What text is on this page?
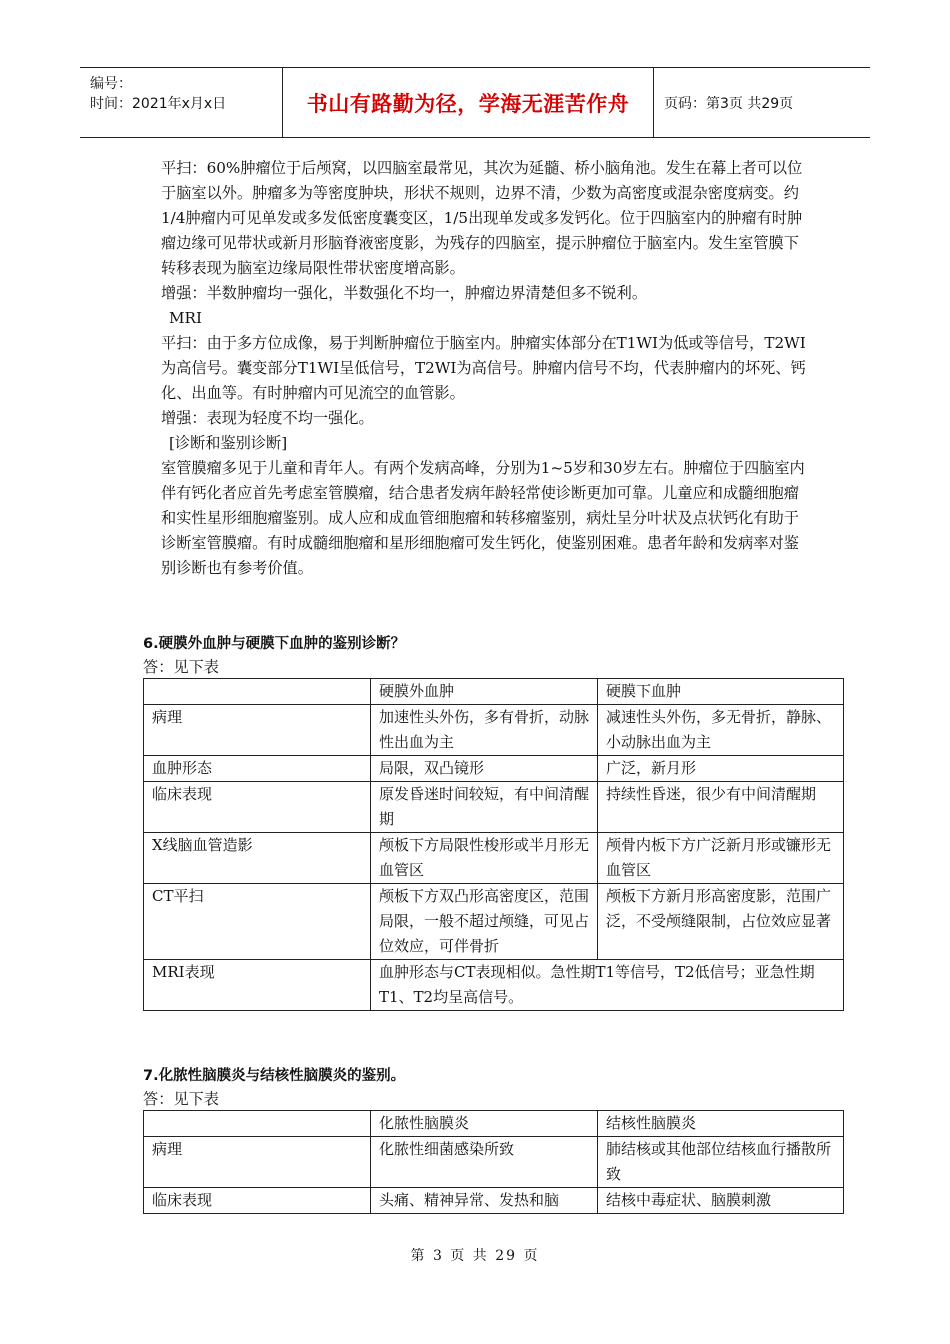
编号：
时间：2021年x月x日	书山有路勤为径，学海无涯苦作舟	页码：第3页 共29页

平扫：60%肿瘤位于后颅窝，以四脑室最常见，其次为延髓、桥小脑角池。发生在幕上者可以位于脑室以外。肿瘤多为等密度肿块，形状不规则，边界不清，少数为高密度或混杂密度病变。约1/4肿瘤内可见单发或多发低密度囊变区，1/5出现单发或多发钙化。位于四脑室内的肿瘤有时肿瘤边缘可见带状或新月形脑脊液密度影，为残存的四脑室，提示肿瘤位于脑室内。发生室管膜下转移表现为脑室边缘局限性带状密度增高影。

增强：半数肿瘤均一强化，半数强化不均一，肿瘤边界清楚但多不锐利。

MRI

平扫：由于多方位成像，易于判断肿瘤位于脑室内。肿瘤实体部分在T1WI为低或等信号，T2WI为高信号。囊变部分T1WI呈低信号，T2WI为高信号。肿瘤内信号不均，代表肿瘤内的坏死、钙化、出血等。有时肿瘤内可见流空的血管影。

增强：表现为轻度不均一强化。

[诊断和鉴别诊断]

室管膜瘤多见于儿童和青年人。有两个发病高峰，分别为1~5岁和30岁左右。肿瘤位于四脑室内伴有钙化者应首先考虑室管膜瘤，结合患者发病年龄轻常使诊断更加可靠。儿童应和成髓细胞瘤和实性星形细胞瘤鉴别。成人应和成血管细胞瘤和转移瘤鉴别，病灶呈分叶状及点状钙化有助于诊断室管膜瘤。有时成髓细胞瘤和星形细胞瘤可发生钙化，使鉴别困难。患者年龄和发病率对鉴别诊断也有参考价值。

6.硬膜外血肿与硬膜下血肿的鉴别诊断？
答：见下表
	硬膜外血肿	硬膜下血肿
病理	加速性头外伤，多有骨折，动脉性出血为主	减速性头外伤，多无骨折，静脉、小动脉出血为主
血肿形态	局限，双凸镜形	广泛，新月形
临床表现	原发昏迷时间较短，有中间清醒期	持续性昏迷，很少有中间清醒期
X线脑血管造影	颅板下方局限性梭形或半月形无血管区	颅骨内板下方广泛新月形或镰形无血管区
CT平扫	颅板下方双凸形高密度区，范围局限，一般不超过颅缝，可见占位效应，可伴骨折	颅板下方新月形高密度影，范围广泛，不受颅缝限制，占位效应显著
MRI表现	血肿形态与CT表现相似。急性期T1等信号，T2低信号；亚急性期T1、T2均呈高信号。	
7.化脓性脑膜炎与结核性脑膜炎的鉴别。
答：见下表
	化脓性脑膜炎	结核性脑膜炎
病理	化脓性细菌感染所致	肺结核或其他部位结核血行播散所致
临床表现	头痛、精神异常、发热和脑	结核中毒症状、脑膜刺激
第 3 页 共 29 页
